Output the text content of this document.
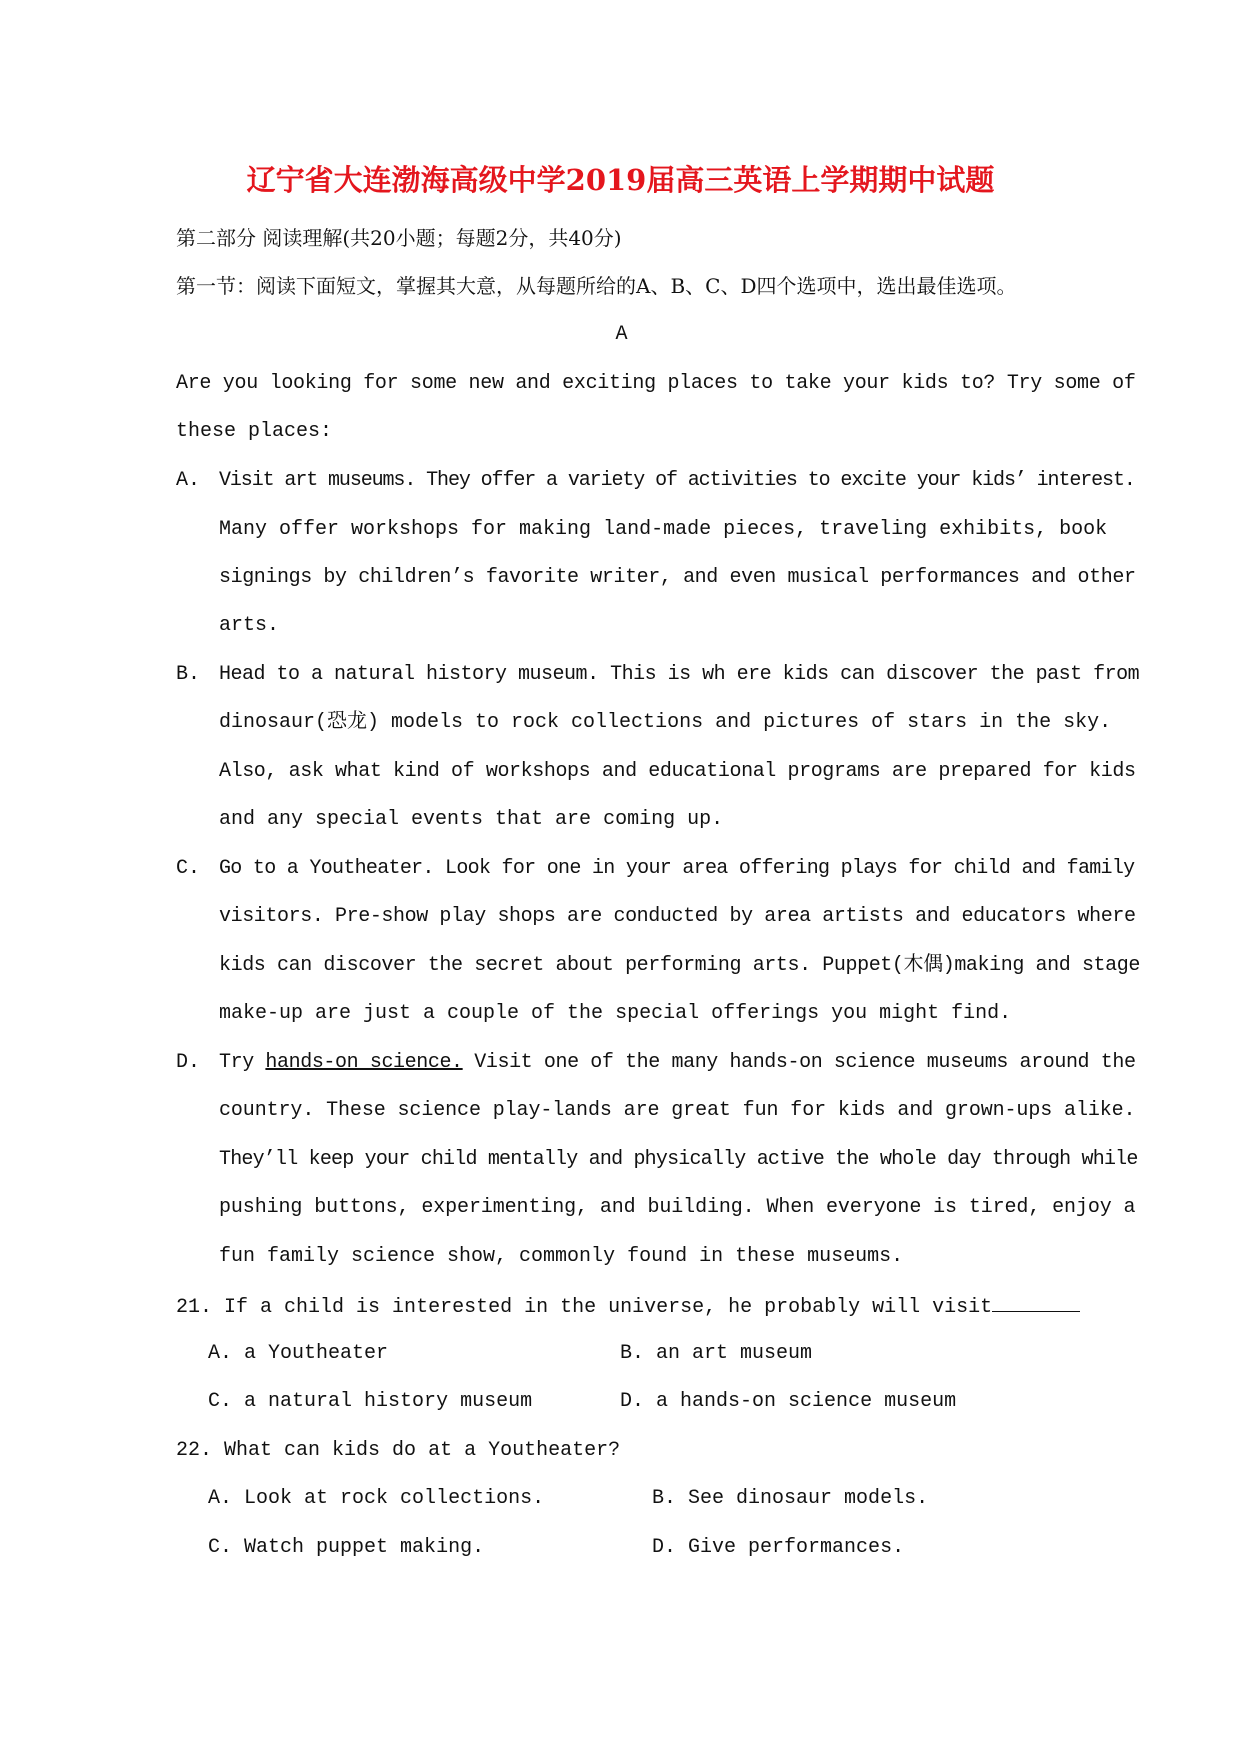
辽宁省大连渤海高级中学2019届高三英语上学期期中试题
第二部分 阅读理解(共20小题；每题2分，共40分)
第一节：阅读下面短文，掌握其大意，从每题所给的A、B、C、D四个选项中，选出最佳选项。
A
Are you looking for some new and exciting places to take your kids to? Try some of
these places:
A. Visit art museums. They offer a variety of activities to excite your kids’ interest.
Many offer workshops for making land-made pieces, traveling exhibits, book
signings by children’s favorite writer, and even musical performances and other
arts.
B. Head to a natural history museum. This is wh ere kids can discover the past from
dinosaur(恐龙) models to rock collections and pictures of stars in the sky.
Also, ask what kind of workshops and educational programs are prepared for kids
and any special events that are coming up.
C. Go to a Youtheater. Look for one in your area offering plays for child and family
visitors. Pre-show play shops are conducted by area artists and educators where
kids can discover the secret about performing arts. Puppet(木偶)making and stage
make-up are just a couple of the special offerings you might find.
D. Try hands-on science. Visit one of the many hands-on science museums around the
country. These science play-lands are great fun for kids and grown-ups alike.
They’ll keep your child mentally and physically active the whole day through while
pushing buttons, experimenting, and building. When everyone is tired, enjoy a
fun family science show, commonly found in these museums.
21. If a child is interested in the universe, he probably will visit
A. a Youtheater	B. an art museum
C. a natural history museum	D. a hands-on science museum
22. What can kids do at a Youtheater?
A. Look at rock collections.	B. See dinosaur models.
C. Watch puppet making.	D. Give performances.
